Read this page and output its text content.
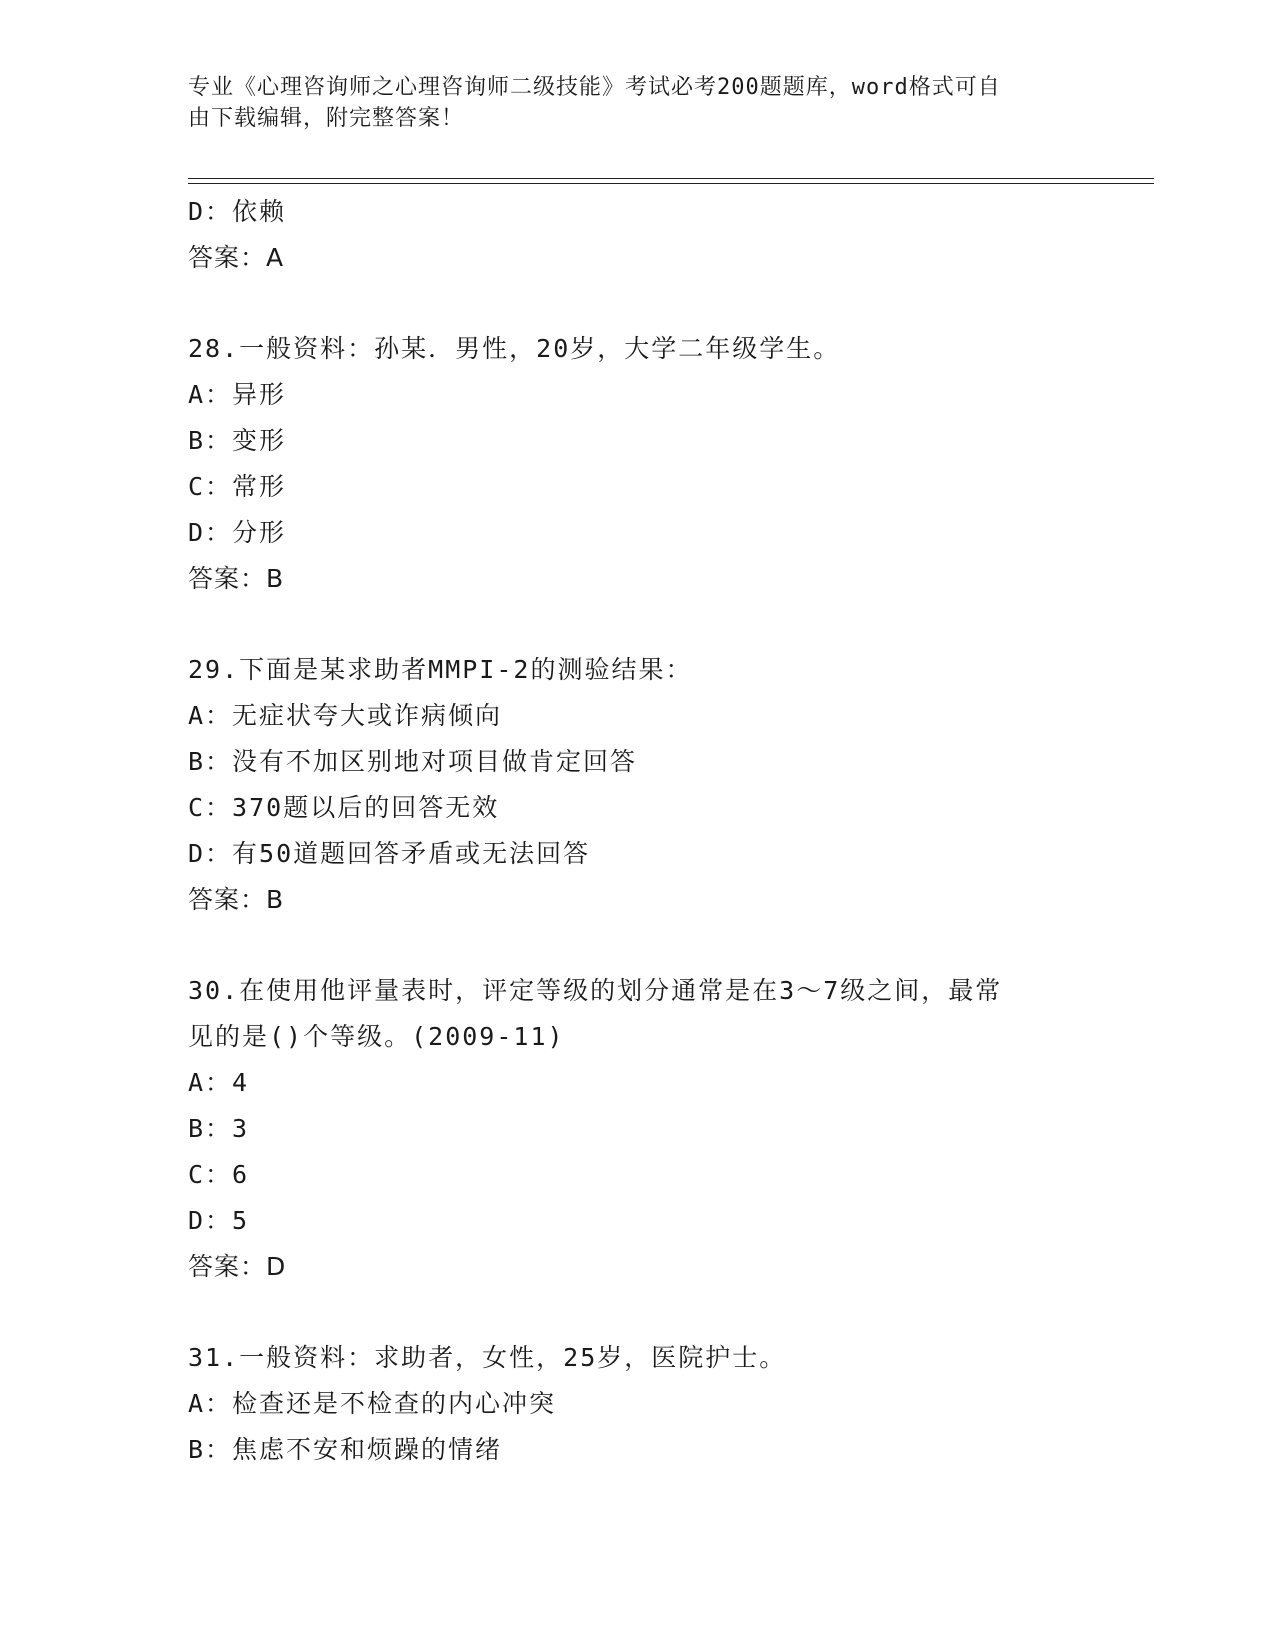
专业《心理咨询师之心理咨询师二级技能》考试必考200题题库，word格式可自
由下载编辑，附完整答案！
D：依赖
答案：A
28.一般资料：孙某．男性，20岁，大学二年级学生。
A：异形
B：变形
C：常形
D：分形
答案：B
29.下面是某求助者MMPI-2的测验结果：
A：无症状夸大或诈病倾向
B：没有不加区别地对项目做肯定回答
C：370题以后的回答无效
D：有50道题回答矛盾或无法回答
答案：B
30.在使用他评量表时，评定等级的划分通常是在3～7级之间，最常
见的是()个等级。(2009-11)
A：4
B：3
C：6
D：5
答案：D
31.一般资料：求助者，女性，25岁，医院护士。
A：检查还是不检查的内心冲突
B：焦虑不安和烦躁的情绪
